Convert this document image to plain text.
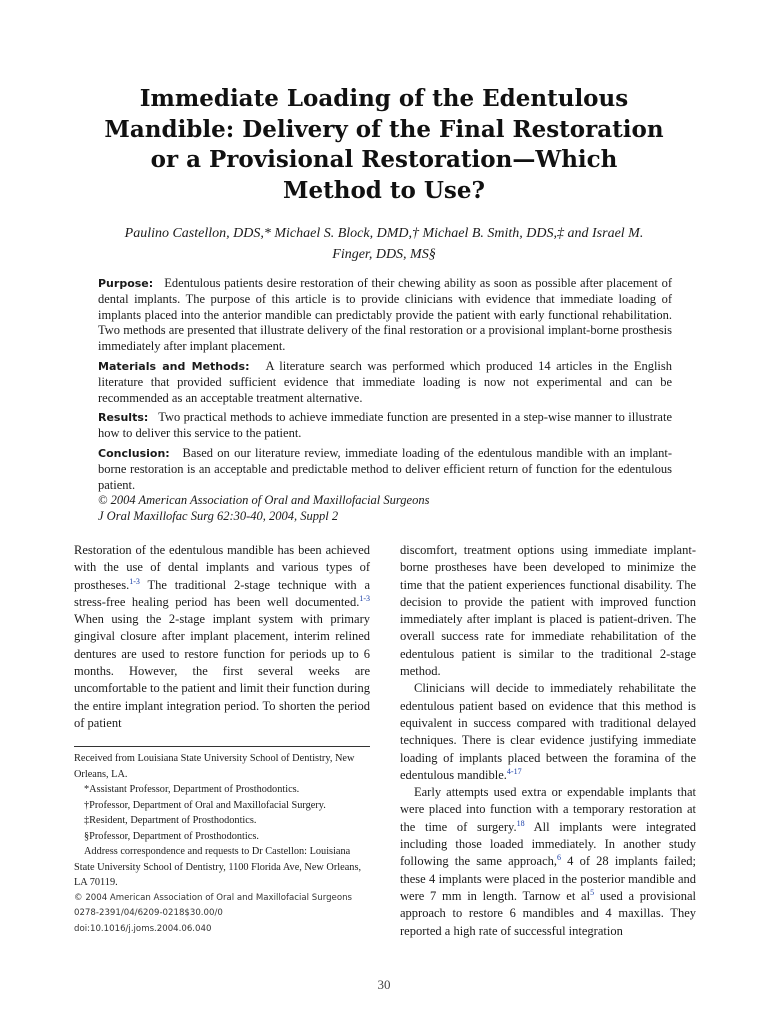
Immediate Loading of the Edentulous Mandible: Delivery of the Final Restoration or a Provisional Restoration—Which Method to Use?
Paulino Castellon, DDS,* Michael S. Block, DMD,† Michael B. Smith, DDS,‡ and Israel M. Finger, DDS, MS§

Purpose: Edentulous patients desire restoration of their chewing ability as soon as possible after placement of dental implants. The purpose of this article is to provide clinicians with evidence that immediate loading of implants placed into the anterior mandible can predictably provide the patient with early functional rehabilitation. Two methods are presented that illustrate delivery of the final restoration or a provisional implant-borne prosthesis immediately after implant placement.

Materials and Methods: A literature search was performed which produced 14 articles in the English literature that provided sufficient evidence that immediate loading is now not experimental and can be recommended as an acceptable treatment alternative.

Results: Two practical methods to achieve immediate function are presented in a step-wise manner to illustrate how to deliver this service to the patient.

Conclusion: Based on our literature review, immediate loading of the edentulous mandible with an implant-borne restoration is an acceptable and predictable method to deliver efficient return of function for the edentulous patient.

© 2004 American Association of Oral and Maxillofacial Surgeons

J Oral Maxillofac Surg 62:30-40, 2004, Suppl 2

Restoration of the edentulous mandible has been achieved with the use of dental implants and various types of prostheses.$^{1-3}$ The traditional 2-stage technique with a stress-free healing period has been well documented.$^{1-3}$ When using the 2-stage implant system with primary gingival closure after implant placement, interim relined dentures are used to restore function for periods up to 6 months. However, the first several weeks are uncomfortable to the patient and limit their function during the entire implant integration period. To shorten the period of patient

Received from Louisiana State University School of Dentistry, New Orleans, LA.

*Assistant Professor, Department of Prosthodontics.

†Professor, Department of Oral and Maxillofacial Surgery.

‡Resident, Department of Prosthodontics.

§Professor, Department of Prosthodontics.

Address correspondence and requests to Dr Castellon: Louisiana State University School of Dentistry, 1100 Florida Ave, New Orleans, LA 70119.

© 2004 American Association of Oral and Maxillofacial Surgeons

0278-2391/04/6209-0218$30.00/0

doi:10.1016/j.joms.2004.06.040

discomfort, treatment options using immediate implant-borne prostheses have been developed to minimize the time that the patient experiences functional disability. The decision to provide the patient with improved function immediately after implant is placed is patient-driven. The overall success rate for immediate rehabilitation of the edentulous patient is similar to the traditional 2-stage method.

Clinicians will decide to immediately rehabilitate the edentulous patient based on evidence that this method is equivalent in success compared with traditional delayed techniques. There is clear evidence justifying immediate loading of implants placed between the foramina of the edentulous mandible.$^{4-17}$

Early attempts used extra or expendable implants that were placed into function with a temporary restoration at the time of surgery.$^{18}$ All implants were integrated including those loaded immediately. In another study following the same approach,$^6$ 4 of 28 implants failed; these 4 implants were placed in the posterior mandible and were 7 mm in length. Tarnow et $al^5$ used a provisional approach to restore 6 mandibles and 4 maxillas. They reported a high rate of successful integration

30
